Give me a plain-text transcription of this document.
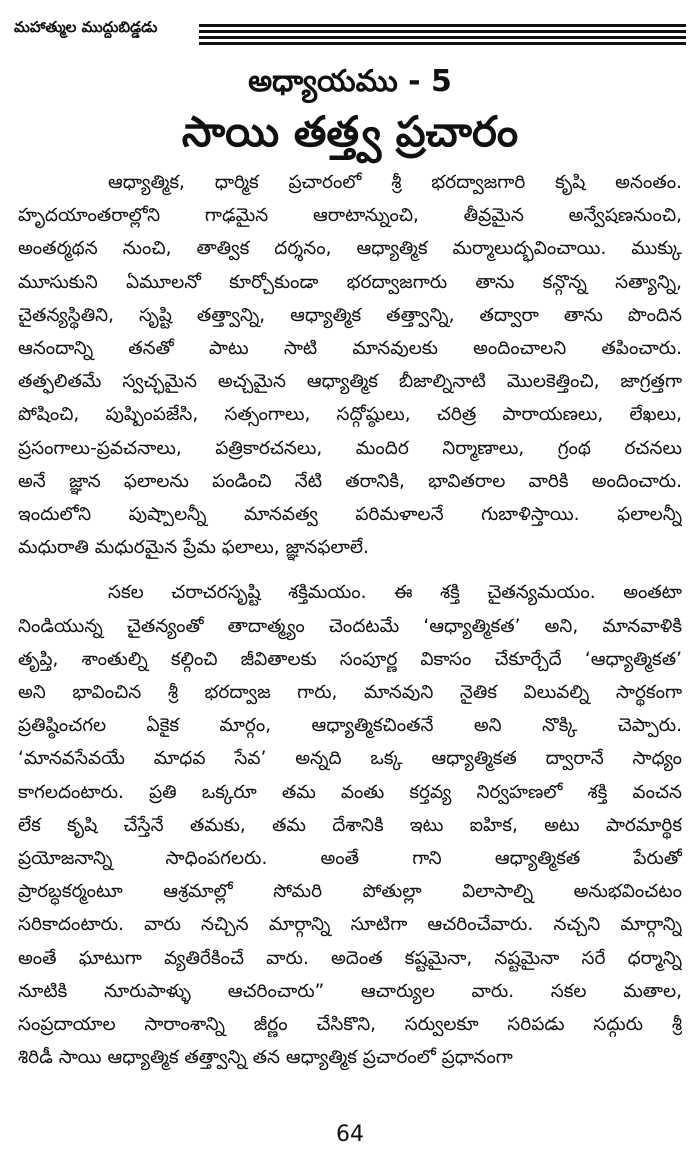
మహాత్ముల ముద్దుబిడ్డడు
అధ్యాయము - 5
సాయి తత్త్వ ప్రచారం
ఆధ్యాత్మిక, ధార్మిక ప్రచారంలో శ్రీ భరద్వాజగారి కృషి అనంతం.
హృదయాంతరాల్లోని గాఢమైన ఆరాటాన్నుంచి, తీవ్రమైన అన్వేషణనుంచి,
అంతర్మథన నుంచి, తాత్విక దర్శనం, ఆధ్యాత్మిక మర్మాలుద్భవించాయి. ముక్కు
మూసుకుని ఏమూలనో కూర్చోకుండా భరద్వాజగారు తాను కన్గొన్న సత్యాన్ని,
చైతన్యస్థితిని, సృష్టి తత్త్వాన్ని, ఆధ్యాత్మిక తత్త్వాన్ని, తద్వారా తాను పొందిన
ఆనందాన్ని తనతో పాటు సాటి మానవులకు అందించాలని తపించారు.
తత్ఫలితమే స్వచ్ఛమైన అచ్చమైన ఆధ్యాత్మిక బీజాల్నినాటి మొలకెత్తించి, జాగ్రత్తగా
పోషించి, పుష్పింపజేసి, సత్సంగాలు, సద్గోష్ఠులు, చరిత్ర పారాయణలు, లేఖలు,
ప్రసంగాలు-ప్రవచనాలు, పత్రికారచనలు, మందిర నిర్మాణాలు, గ్రంథ రచనలు
అనే జ్ఞాన ఫలాలను పండించి నేటి తరానికి, భావితరాల వారికి అందించారు.
ఇందులోని పుష్పాలన్నీ మానవత్వ పరిమళాలనే గుబాళిస్తాయి. ఫలాలన్నీ
మధురాతి మధురమైన ప్రేమ ఫలాలు, జ్ఞానఫలాలే.
సకల చరాచరసృష్టి శక్తిమయం. ఈ శక్తి చైతన్యమయం. అంతటా
నిండియున్న చైతన్యంతో తాదాత్మ్యం చెందటమే ‘ఆధ్యాత్మికత’ అని, మానవాళికి
తృప్తి, శాంతుల్ని కల్గించి జీవితాలకు సంపూర్ణ వికాసం చేకూర్చేదే ‘ఆధ్యాత్మికత’
అని భావించిన శ్రీ భరద్వాజ గారు, మానవుని నైతిక విలువల్ని సార్థకంగా
ప్రతిష్ఠించగల ఏకైక మార్గం, ఆధ్యాత్మికచింతనే అని నొక్కి చెప్పారు.
‘మానవసేవయే మాధవ సేవ’ అన్నది ఒక్క ఆధ్యాత్మికత ద్వారానే సాధ్యం
కాగలదంటారు. ప్రతి ఒక్కరూ తమ వంతు కర్తవ్య నిర్వహణలో శక్తి వంచన
లేక కృషి చేస్తేనే తమకు, తమ దేశానికి ఇటు ఐహిక, అటు పారమార్థిక
ప్రయోజనాన్ని సాధింపగలరు. అంతే గాని ఆధ్యాత్మికత పేరుతో
ప్రారబ్ధకర్మంటూ ఆశ్రమాల్లో సోమరి పోతుల్లా విలాసాల్ని అనుభవించటం
సరికాదంటారు. వారు నచ్చిన మార్గాన్ని సూటిగా ఆచరించేవారు. నచ్చని మార్గాన్ని
అంతే ఘాటుగా వ్యతిరేకించే వారు. అదెంత కష్టమైనా, నష్టమైనా సరే ధర్మాన్ని
నూటికి నూరుపాళ్ళు ఆచరించారు” ఆచార్యుల వారు. సకల మతాల,
సంప్రదాయాల సారాంశాన్ని జీర్ణం చేసికొని, సర్వులకూ సరిపడు సద్గురు శ్రీ
శిరిడీ సాయి ఆధ్యాత్మిక తత్త్వాన్ని తన ఆధ్యాత్మిక ప్రచారంలో ప్రధానంగా
64
